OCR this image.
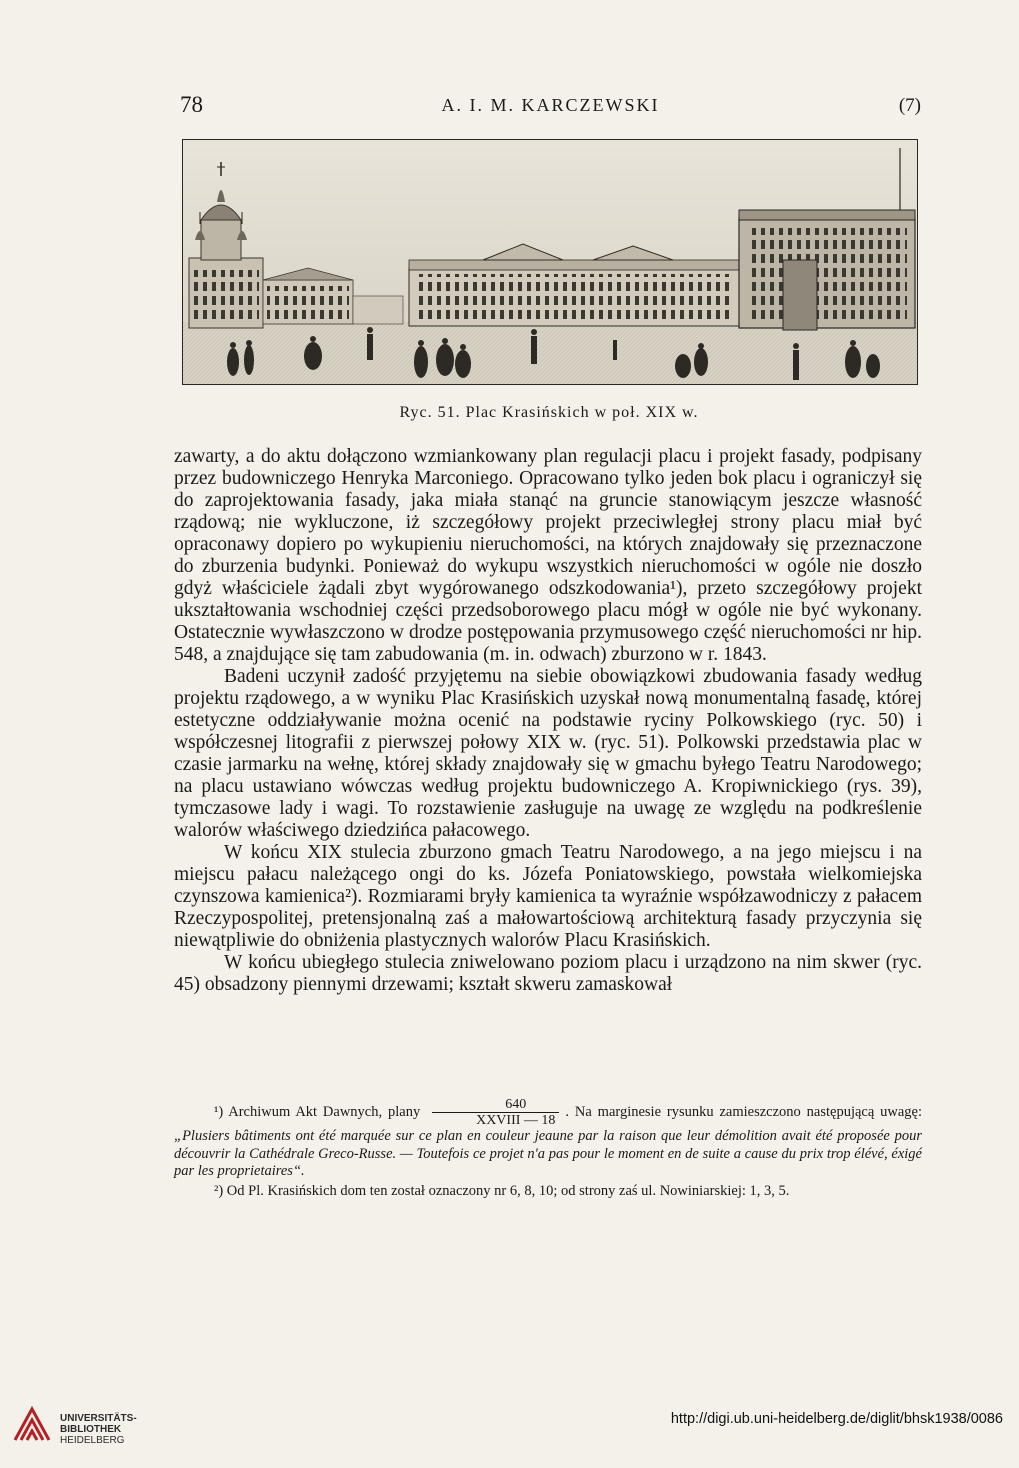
78	A. I. M. KARCZEWSKI	(7)
Ryc. 51. Plac Krasińskich w poł. XIX w.

zawarty, a do aktu dołączono wzmiankowany plan regulacji placu i projekt fasady, podpisany przez budowniczego Henryka Marconiego. Opracowano tylko jeden bok placu i ograniczył się do zaprojektowania fasady, jaka miała stanąć na gruncie stanowiącym jeszcze własność rządową; nie wykluczone, iż szczegółowy projekt przeciwległej strony placu miał być opraconawy dopiero po wykupieniu nieruchomości, na których znajdowały się przeznaczone do zburzenia budynki. Ponieważ do wykupu wszystkich nieruchomości w ogóle nie doszło gdyż właściciele żądali zbyt wygórowanego odszkodowania¹), przeto szczegółowy projekt ukształtowania wschodniej części przedsoborowego placu mógł w ogóle nie być wykonany. Ostatecznie wywłaszczono w drodze postępowania przymusowego część nieruchomości nr hip. 548, a znajdujące się tam zabudowania (m. in. odwach) zburzono w r. 1843.

Badeni uczynił zadość przyjętemu na siebie obowiązkowi zbudowania fasady według projektu rządowego, a w wyniku Plac Krasińskich uzyskał nową monumentalną fasadę, której estetyczne oddziaływanie można ocenić na podstawie ryciny Polkowskiego (ryc. 50) i współczesnej litografii z pierwszej połowy XIX w. (ryc. 51). Polkowski przedstawia plac w czasie jarmarku na wełnę, której składy znajdowały się w gmachu byłego Teatru Narodowego; na placu ustawiano wówczas według projektu budowniczego A. Kropiwnickiego (rys. 39), tymczasowe lady i wagi. To rozstawienie zasługuje na uwagę ze względu na podkreślenie walorów właściwego dziedzińca pałacowego.

W końcu XIX stulecia zburzono gmach Teatru Narodowego, a na jego miejscu i na miejscu pałacu należącego ongi do ks. Józefa Poniatowskiego, powstała wielkomiejska czynszowa kamienica²). Rozmiarami bryły kamienica ta wyraźnie współzawodniczy z pałacem Rzeczypospolitej, pretensjonalną zaś a małowartościową architekturą fasady przyczynia się niewątpliwie do obniżenia plastycznych walorów Placu Krasińskich.

W końcu ubiegłego stulecia zniwelowano poziom placu i urządzono na nim skwer (ryc. 45) obsadzony piennymi drzewami; kształt skweru zamaskował

¹) Archiwum Akt Dawnych, plany $\frac{640}{\text{XXVIII — 18}}$ . Na marginesie rysunku zamieszczono następującą uwagę: „Plusiers bâtiments ont été marquée sur ce plan en couleur jeaune par la raison que leur démolition avait été proposée pour découvrir la Cathédrale Greco-Russe. — Toutefois ce projet n'a pas pour le moment en de suite a cause du prix trop élévé, éxigé par les proprietaires“.

²) Od Pl. Krasińskich dom ten został oznaczony nr 6, 8, 10; od strony zaś ul. Nowiniarskiej: 1, 3, 5.

UNIVERSITÄTS-
BIBLIOTHEK
HEIDELBERG
http://digi.ub.uni-heidelberg.de/diglit/bhsk1938/0086
